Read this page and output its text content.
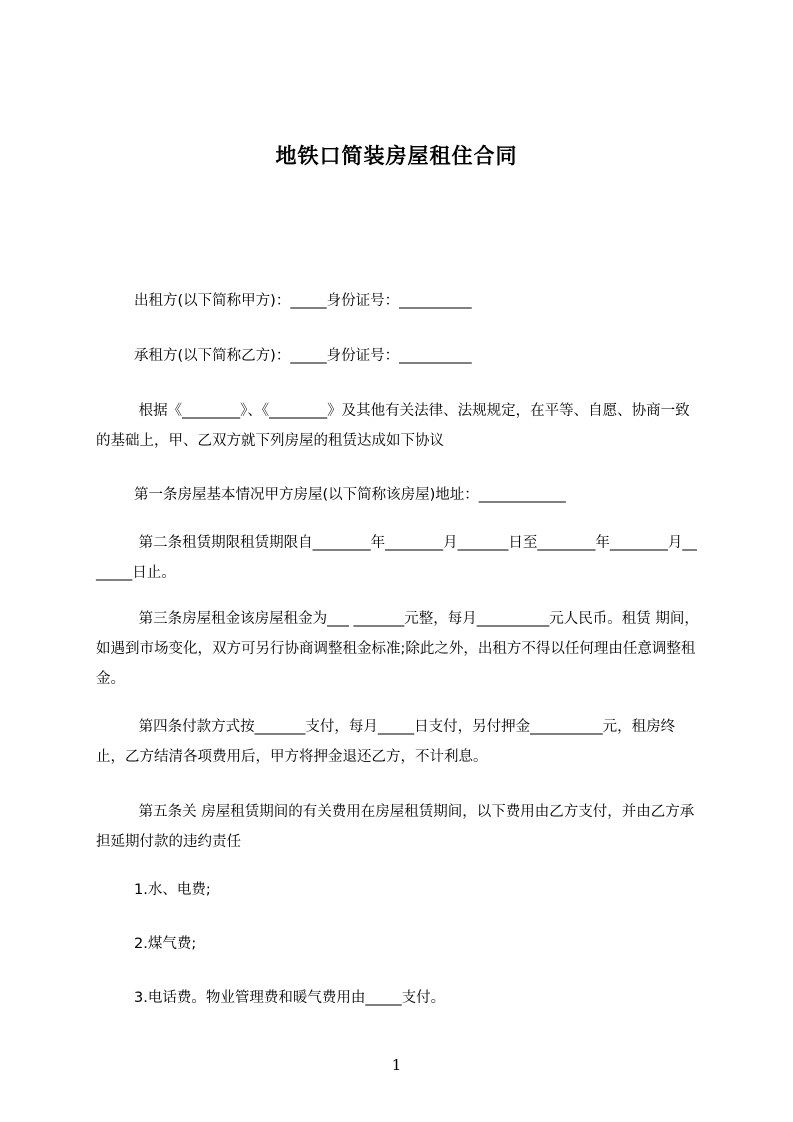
地铁口简装房屋租住合同
出租方(以下简称甲方)：_____身份证号：__________
承租方(以下简称乙方)：_____身份证号：__________
根据《________》、《________》及其他有关法律、法规规定，在平等、自愿、协商一致的基础上，甲、乙双方就下列房屋的租赁达成如下协议
第一条房屋基本情况甲方房屋(以下简称该房屋)地址：____________
第二条租赁期限租赁期限自________年________月_______日至________年________月_______日止。
第三条房屋租金该房屋租金为___ _______元整，每月__________元人民币。租赁 期间，如遇到市场变化，双方可另行协商调整租金标准;除此之外，出租方不得以任何理由任意调整租金。
第四条付款方式按_______支付，每月_____日支付，另付押金__________元，租房终止，乙方结清各项费用后，甲方将押金退还乙方，不计利息。
第五条关 房屋租赁期间的有关费用在房屋租赁期间，以下费用由乙方支付，并由乙方承担延期付款的违约责任
1.水、电费;
2.煤气费;
3.电话费。物业管理费和暖气费用由_____支付。
1
